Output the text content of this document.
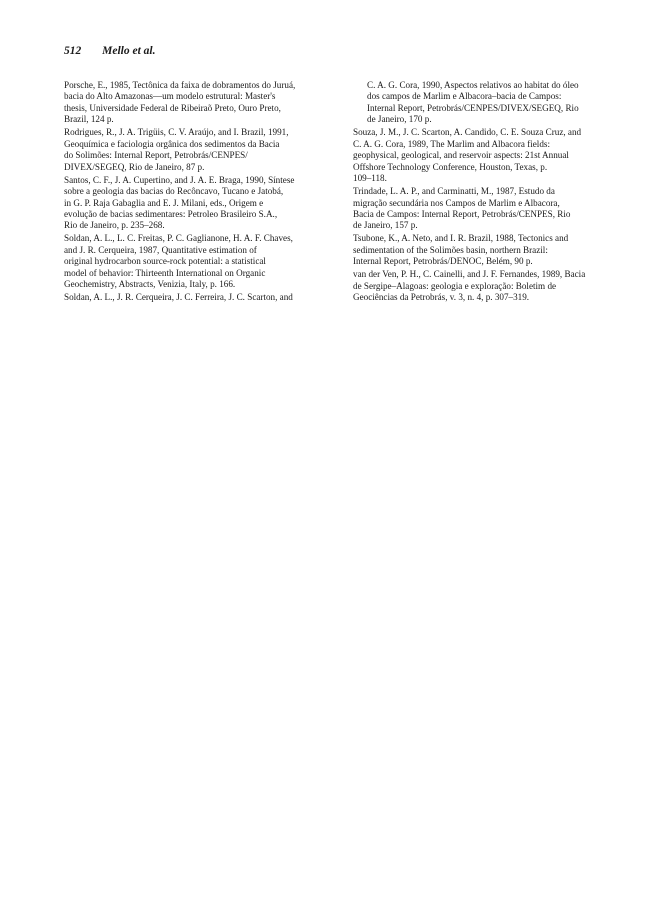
512 Mello et al.

Porsche, E., 1985, Tectônica da faixa de dobramentos do Juruá,
bacia do Alto Amazonas—um modelo estrutural: Master's
thesis, Universidade Federal de Ribeiraõ Preto, Ouro Preto,
Brazil, 124 p.

Rodrigues, R., J. A. Trigüis, C. V. Araújo, and I. Brazil, 1991,
Geoquímica e faciologia orgânica dos sedimentos da Bacia
do Solimões: Internal Report, Petrobrás/CENPES/
DIVEX/SEGEQ, Rio de Janeiro, 87 p.

Santos, C. F., J. A. Cupertino, and J. A. E. Braga, 1990, Síntese
sobre a geologia das bacias do Recôncavo, Tucano e Jatobá,
in G. P. Raja Gabaglia and E. J. Milani, eds., Origem e
evolução de bacias sedimentares: Petroleo Brasileiro S.A.,
Rio de Janeiro, p. 235–268.

Soldan, A. L., L. C. Freitas, P. C. Gaglianone, H. A. F. Chaves,
and J. R. Cerqueira, 1987, Quantitative estimation of
original hydrocarbon source-rock potential: a statistical
model of behavior: Thirteenth International on Organic
Geochemistry, Abstracts, Venizia, Italy, p. 166.

Soldan, A. L., J. R. Cerqueira, J. C. Ferreira, J. C. Scarton, and

C. A. G. Cora, 1990, Aspectos relativos ao habitat do óleo
dos campos de Marlim e Albacora–bacia de Campos:
Internal Report, Petrobrás/CENPES/DIVEX/SEGEQ, Rio
de Janeiro, 170 p.

Souza, J. M., J. C. Scarton, A. Candido, C. E. Souza Cruz, and
C. A. G. Cora, 1989, The Marlim and Albacora fields:
geophysical, geological, and reservoir aspects: 21st Annual
Offshore Technology Conference, Houston, Texas, p.
109–118.

Trindade, L. A. P., and Carminatti, M., 1987, Estudo da
migração secundária nos Campos de Marlim e Albacora,
Bacia de Campos: Internal Report, Petrobrás/CENPES, Rio
de Janeiro, 157 p.

Tsubone, K., A. Neto, and I. R. Brazil, 1988, Tectonics and
sedimentation of the Solimões basin, northern Brazil:
Internal Report, Petrobrás/DENOC, Belém, 90 p.

van der Ven, P. H., C. Cainelli, and J. F. Fernandes, 1989, Bacia
de Sergipe–Alagoas: geologia e exploração: Boletim de
Geociências da Petrobrás, v. 3, n. 4, p. 307–319.
